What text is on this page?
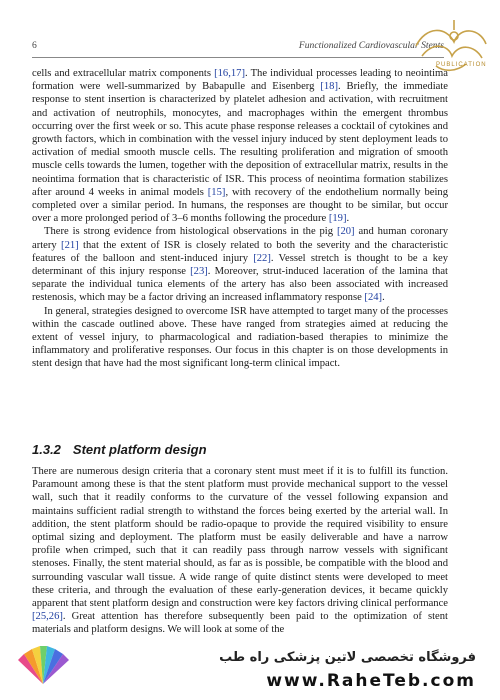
6	Functionalized Cardiovascular Stents
PUBLICATION

cells and extracellular matrix components [16,17]. The individual processes leading to neointima formation were well-summarized by Babapulle and Eisenberg [18]. Briefly, the immediate response to stent insertion is characterized by platelet adhesion and activation, with recruitment and activation of neutrophils, monocytes, and macrophages within the emergent thrombus occurring over the first week or so. This acute phase response releases a cocktail of cytokines and growth factors, which in combination with the vessel injury induced by stent deployment leads to activation of medial smooth muscle cells. The resulting proliferation and migration of smooth muscle cells towards the lumen, together with the deposition of extracellular matrix, results in the neointima formation that is characteristic of ISR. This process of neointima formation stabilizes after around 4 weeks in animal models [15], with recovery of the endothelium normally being completed over a similar period. In humans, the responses are thought to be similar, but occur over a more prolonged period of 3–6 months following the procedure [19].

There is strong evidence from histological observations in the pig [20] and human coronary artery [21] that the extent of ISR is closely related to both the severity and the characteristic features of the balloon and stent-induced injury [22]. Vessel stretch is thought to be a key determinant of this injury response [23]. Moreover, strut-induced laceration of the lamina that separate the individual tunica elements of the artery has also been associated with increased restenosis, which may be a factor driving an increased inflammatory response [24].

In general, strategies designed to overcome ISR have attempted to target many of the processes within the cascade outlined above. These have ranged from strategies aimed at reducing the extent of vessel injury, to pharmacological and radiation-based therapies to minimize the inflammatory and proliferative responses. Our focus in this chapter is on those developments in stent design that have had the most significant long-term clinical impact.

1.3.2 Stent platform design

There are numerous design criteria that a coronary stent must meet if it is to fulfill its function. Paramount among these is that the stent platform must provide mechanical support to the vessel wall, such that it readily conforms to the curvature of the vessel following expansion and maintains sufficient radial strength to withstand the forces being exerted by the arterial wall. In addition, the stent platform should be radio-opaque to provide the required visibility to ensure optimal sizing and deployment. The platform must be easily deliverable and have a narrow profile when crimped, such that it can readily pass through narrow vessels with significant stenoses. Finally, the stent material should, as far as is possible, be compatible with the blood and surrounding vascular wall tissue. A wide range of quite distinct stents were developed to meet these criteria, and through the evaluation of these early-generation devices, it became quickly apparent that stent platform design and construction were key factors driving clinical performance [25,26]. Great attention has therefore subsequently been paid to the optimization of stent materials and platform designs. We will look at some of the

فروشگاه تخصصی لاتین پزشکی راه طب
www.RaheTeb.com
